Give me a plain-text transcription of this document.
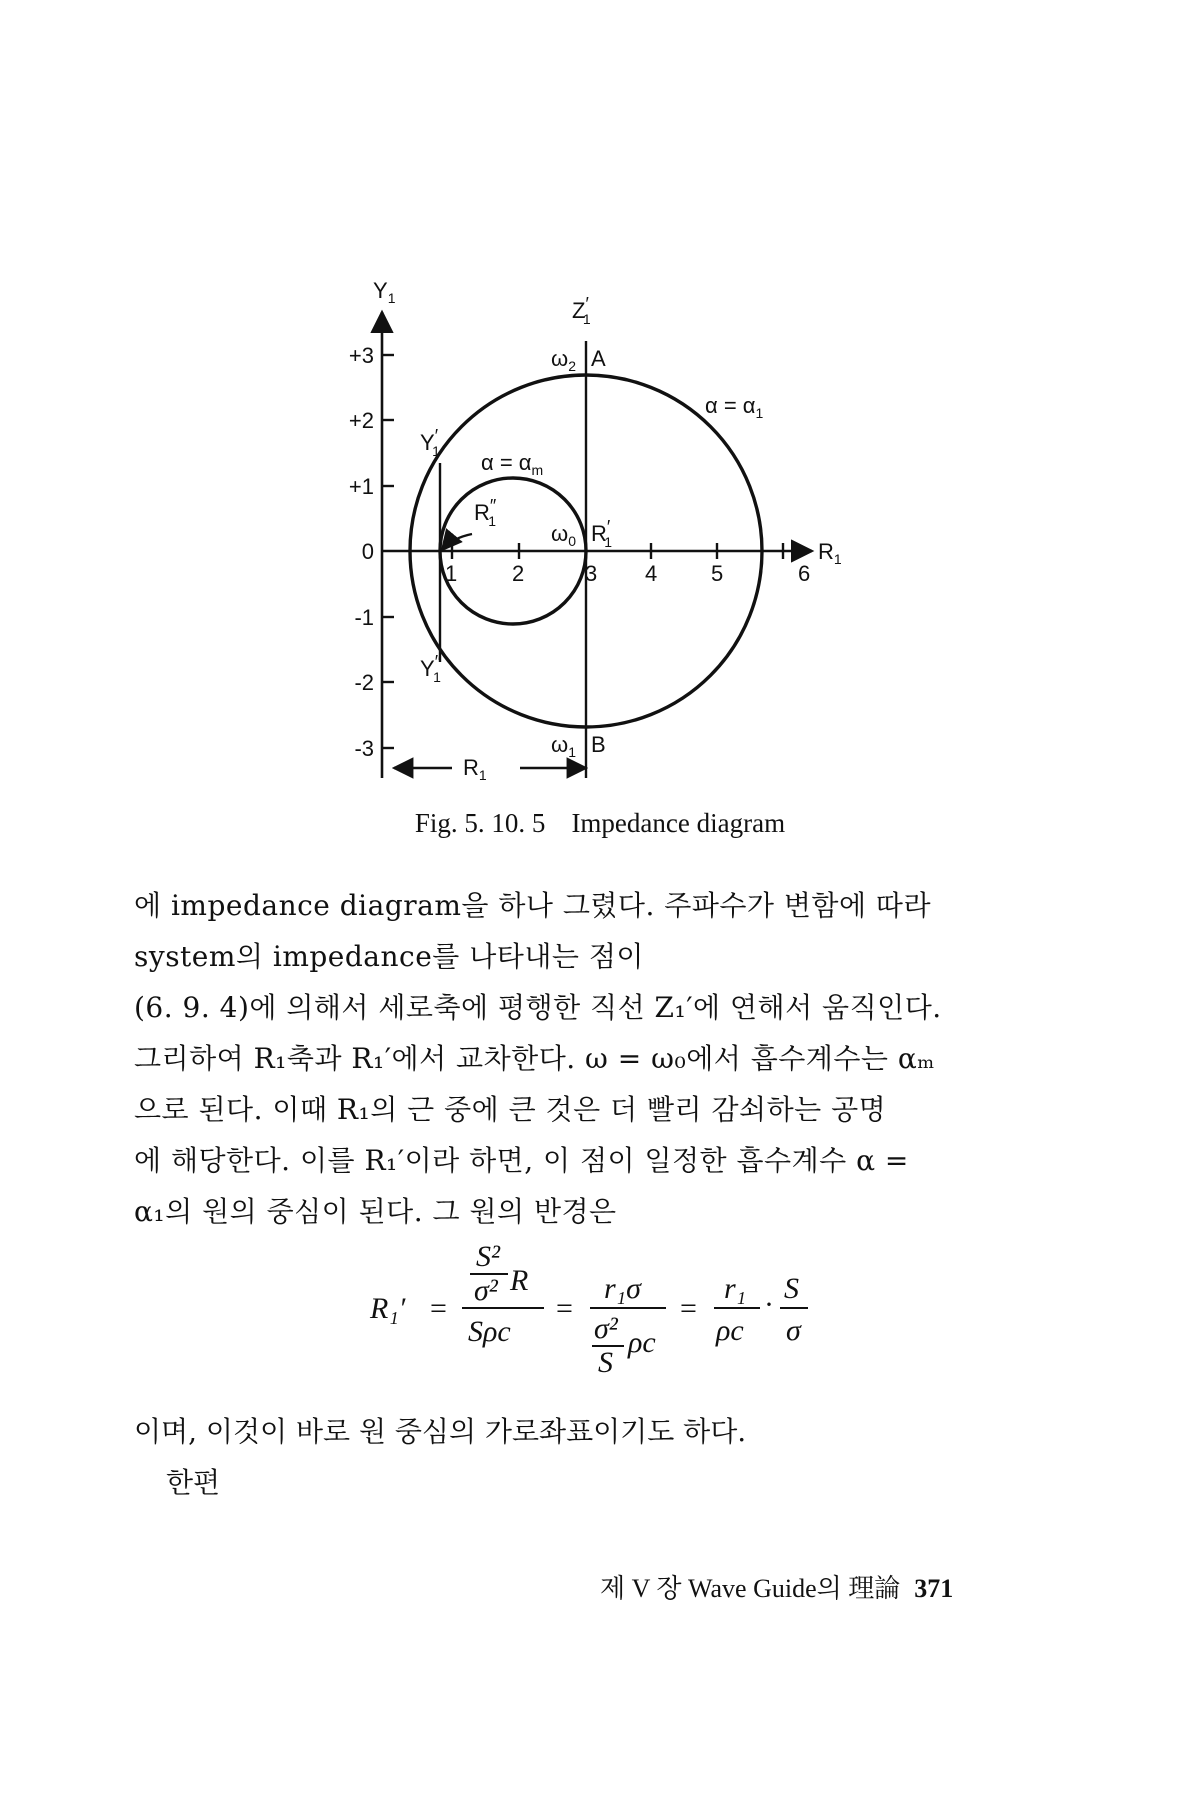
+3
+2
+1
0
-1
-2
-3
1 2	3 4 5	6
$Y_1$
$R_1$
Z′ 1
$\omega_2$ A
$\omega_1$ B
$\omega_0$ R′ 1
R″ 1
Y′ 1
Y″ 1
$\alpha = \alpha_1$
$\alpha = \alpha_m$
$R_1$
Fig. 5. 10. 5 Impedance diagram

에 impedance diagram을 하나 그렸다. 주파수가 변함에 따라

system의 impedance를 나타내는 점이

(6. 9. 4)에 의해서 세로축에 평행한 직선 Z₁′에 연해서 움직인다.

그리하여 R₁축과 R₁′에서 교차한다. ω = ω₀에서 흡수계수는 αₘ

으로 된다. 이때 R₁의 근 중에 큰 것은 더 빨리 감쇠하는 공명

에 해당한다. 이를 R₁′이라 하면, 이 점이 일정한 흡수계수 α =

α₁의 원의 중심이 된다. 그 원의 반경은

R₁′ =
S²
σ² R
Sρc
=
r₁σ
σ²
S
ρc
=
r₁
ρc
· S
σ

이며, 이것이 바로 원 중심의 가로좌표이기도 하다.

한편

제 V 장 Wave Guide의 理論 371
